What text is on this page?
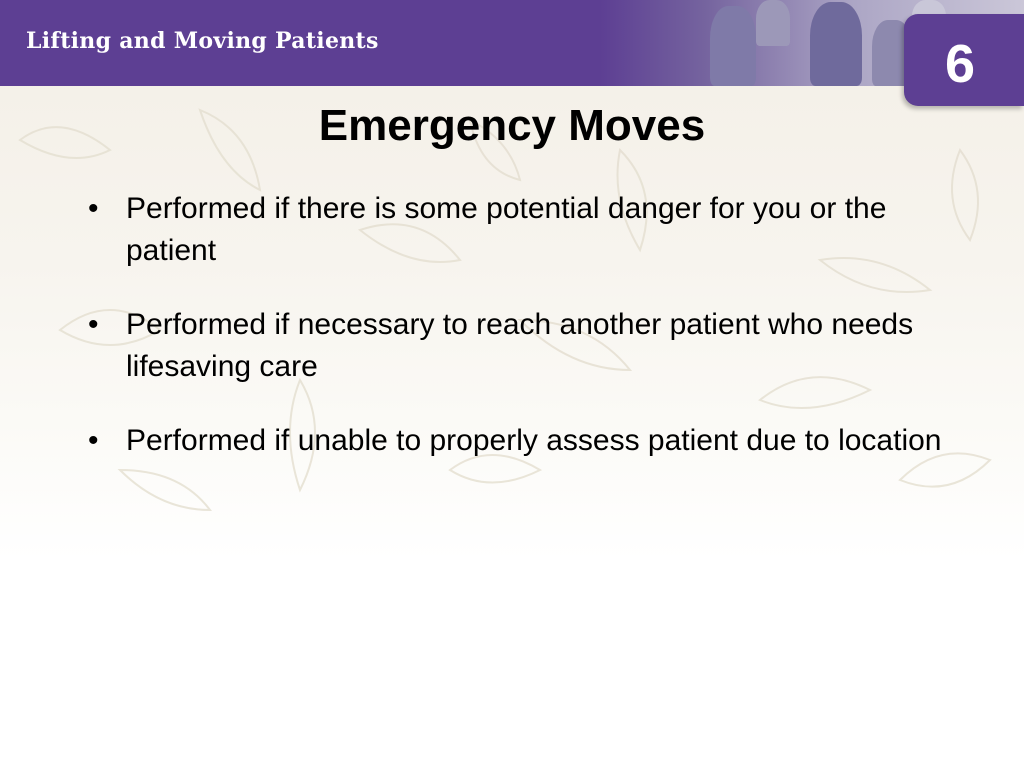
Lifting and Moving Patients	6
Emergency Moves
• Performed if there is some potential danger for you or the patient
• Performed if necessary to reach another patient who needs lifesaving care
• Performed if unable to properly assess patient due to location
